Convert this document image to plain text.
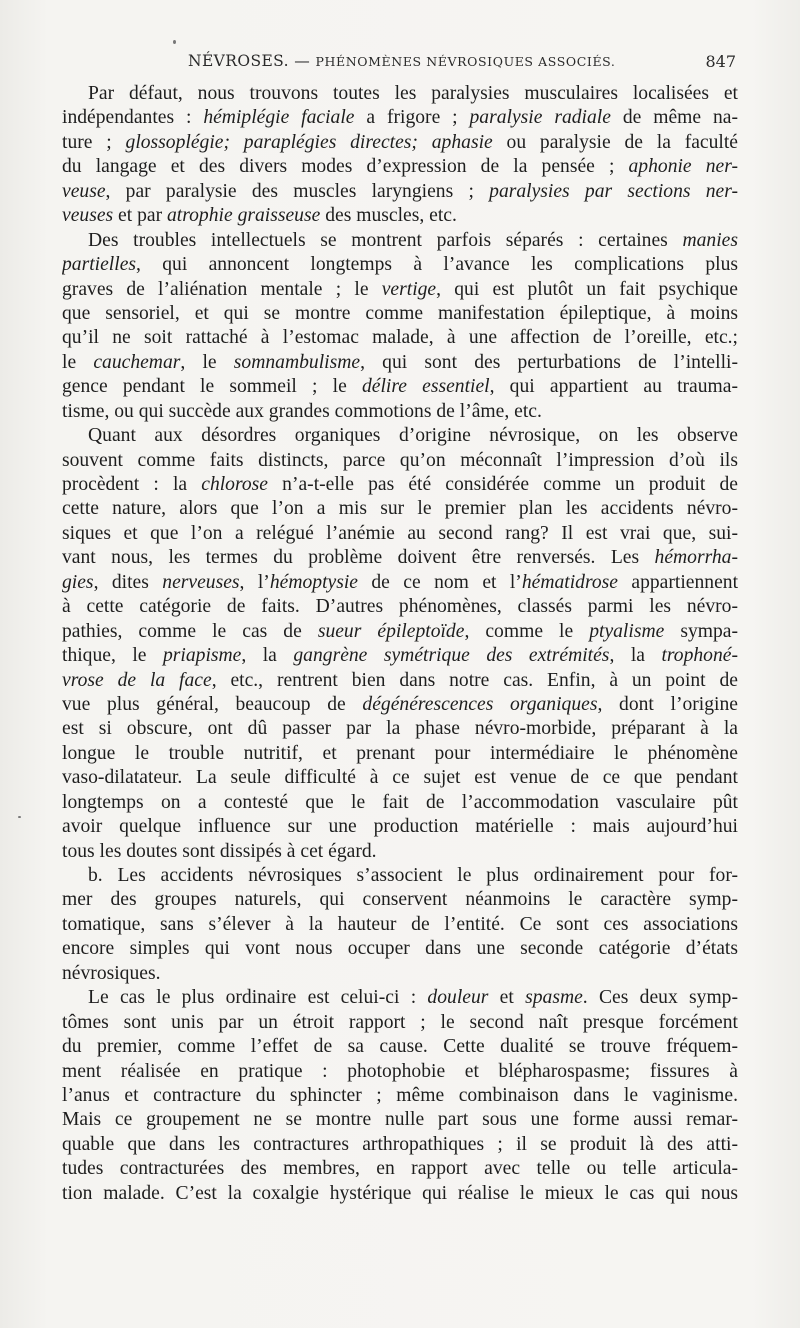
NÉVROSES. — PHÉNOMÈNES NÉVROSIQUES ASSOCIÉS.	847
Par défaut, nous trouvons toutes les paralysies musculaires localisées et
indépendantes : hémiplégie faciale a frigore ; paralysie radiale de même na-
ture ; glossoplégie; paraplégies directes; aphasie ou paralysie de la faculté
du langage et des divers modes d’expression de la pensée ; aphonie ner-
veuse, par paralysie des muscles laryngiens ; paralysies par sections ner-
veuses et par atrophie graisseuse des muscles, etc.
Des troubles intellectuels se montrent parfois séparés : certaines manies
partielles, qui annoncent longtemps à l’avance les complications plus
graves de l’aliénation mentale ; le vertige, qui est plutôt un fait psychique
que sensoriel, et qui se montre comme manifestation épileptique, à moins
qu’il ne soit rattaché à l’estomac malade, à une affection de l’oreille, etc.;
le cauchemar, le somnambulisme, qui sont des perturbations de l’intelli-
gence pendant le sommeil ; le délire essentiel, qui appartient au trauma-
tisme, ou qui succède aux grandes commotions de l’âme, etc.
Quant aux désordres organiques d’origine névrosique, on les observe
souvent comme faits distincts, parce qu’on méconnaît l’impression d’où ils
procèdent : la chlorose n’a-t-elle pas été considérée comme un produit de
cette nature, alors que l’on a mis sur le premier plan les accidents névro-
siques et que l’on a relégué l’anémie au second rang? Il est vrai que, sui-
vant nous, les termes du problème doivent être renversés. Les hémorrha-
gies, dites nerveuses, l’hémoptysie de ce nom et l’hématidrose appartiennent
à cette catégorie de faits. D’autres phénomènes, classés parmi les névro-
pathies, comme le cas de sueur épileptoïde, comme le ptyalisme sympa-
thique, le priapisme, la gangrène symétrique des extrémités, la trophoné-
vrose de la face, etc., rentrent bien dans notre cas. Enfin, à un point de
vue plus général, beaucoup de dégénérescences organiques, dont l’origine
est si obscure, ont dû passer par la phase névro-morbide, préparant à la
longue le trouble nutritif, et prenant pour intermédiaire le phénomène
vaso-dilatateur. La seule difficulté à ce sujet est venue de ce que pendant
longtemps on a contesté que le fait de l’accommodation vasculaire pût
avoir quelque influence sur une production matérielle : mais aujourd’hui
tous les doutes sont dissipés à cet égard.
b. Les accidents névrosiques s’associent le plus ordinairement pour for-
mer des groupes naturels, qui conservent néanmoins le caractère symp-
tomatique, sans s’élever à la hauteur de l’entité. Ce sont ces associations
encore simples qui vont nous occuper dans une seconde catégorie d’états
névrosiques.
Le cas le plus ordinaire est celui-ci : douleur et spasme. Ces deux symp-
tômes sont unis par un étroit rapport ; le second naît presque forcément
du premier, comme l’effet de sa cause. Cette dualité se trouve fréquem-
ment réalisée en pratique : photophobie et blépharospasme; fissures à
l’anus et contracture du sphincter ; même combinaison dans le vaginisme.
Mais ce groupement ne se montre nulle part sous une forme aussi remar-
quable que dans les contractures arthropathiques ; il se produit là des atti-
tudes contracturées des membres, en rapport avec telle ou telle articula-
tion malade. C’est la coxalgie hystérique qui réalise le mieux le cas qui nous
